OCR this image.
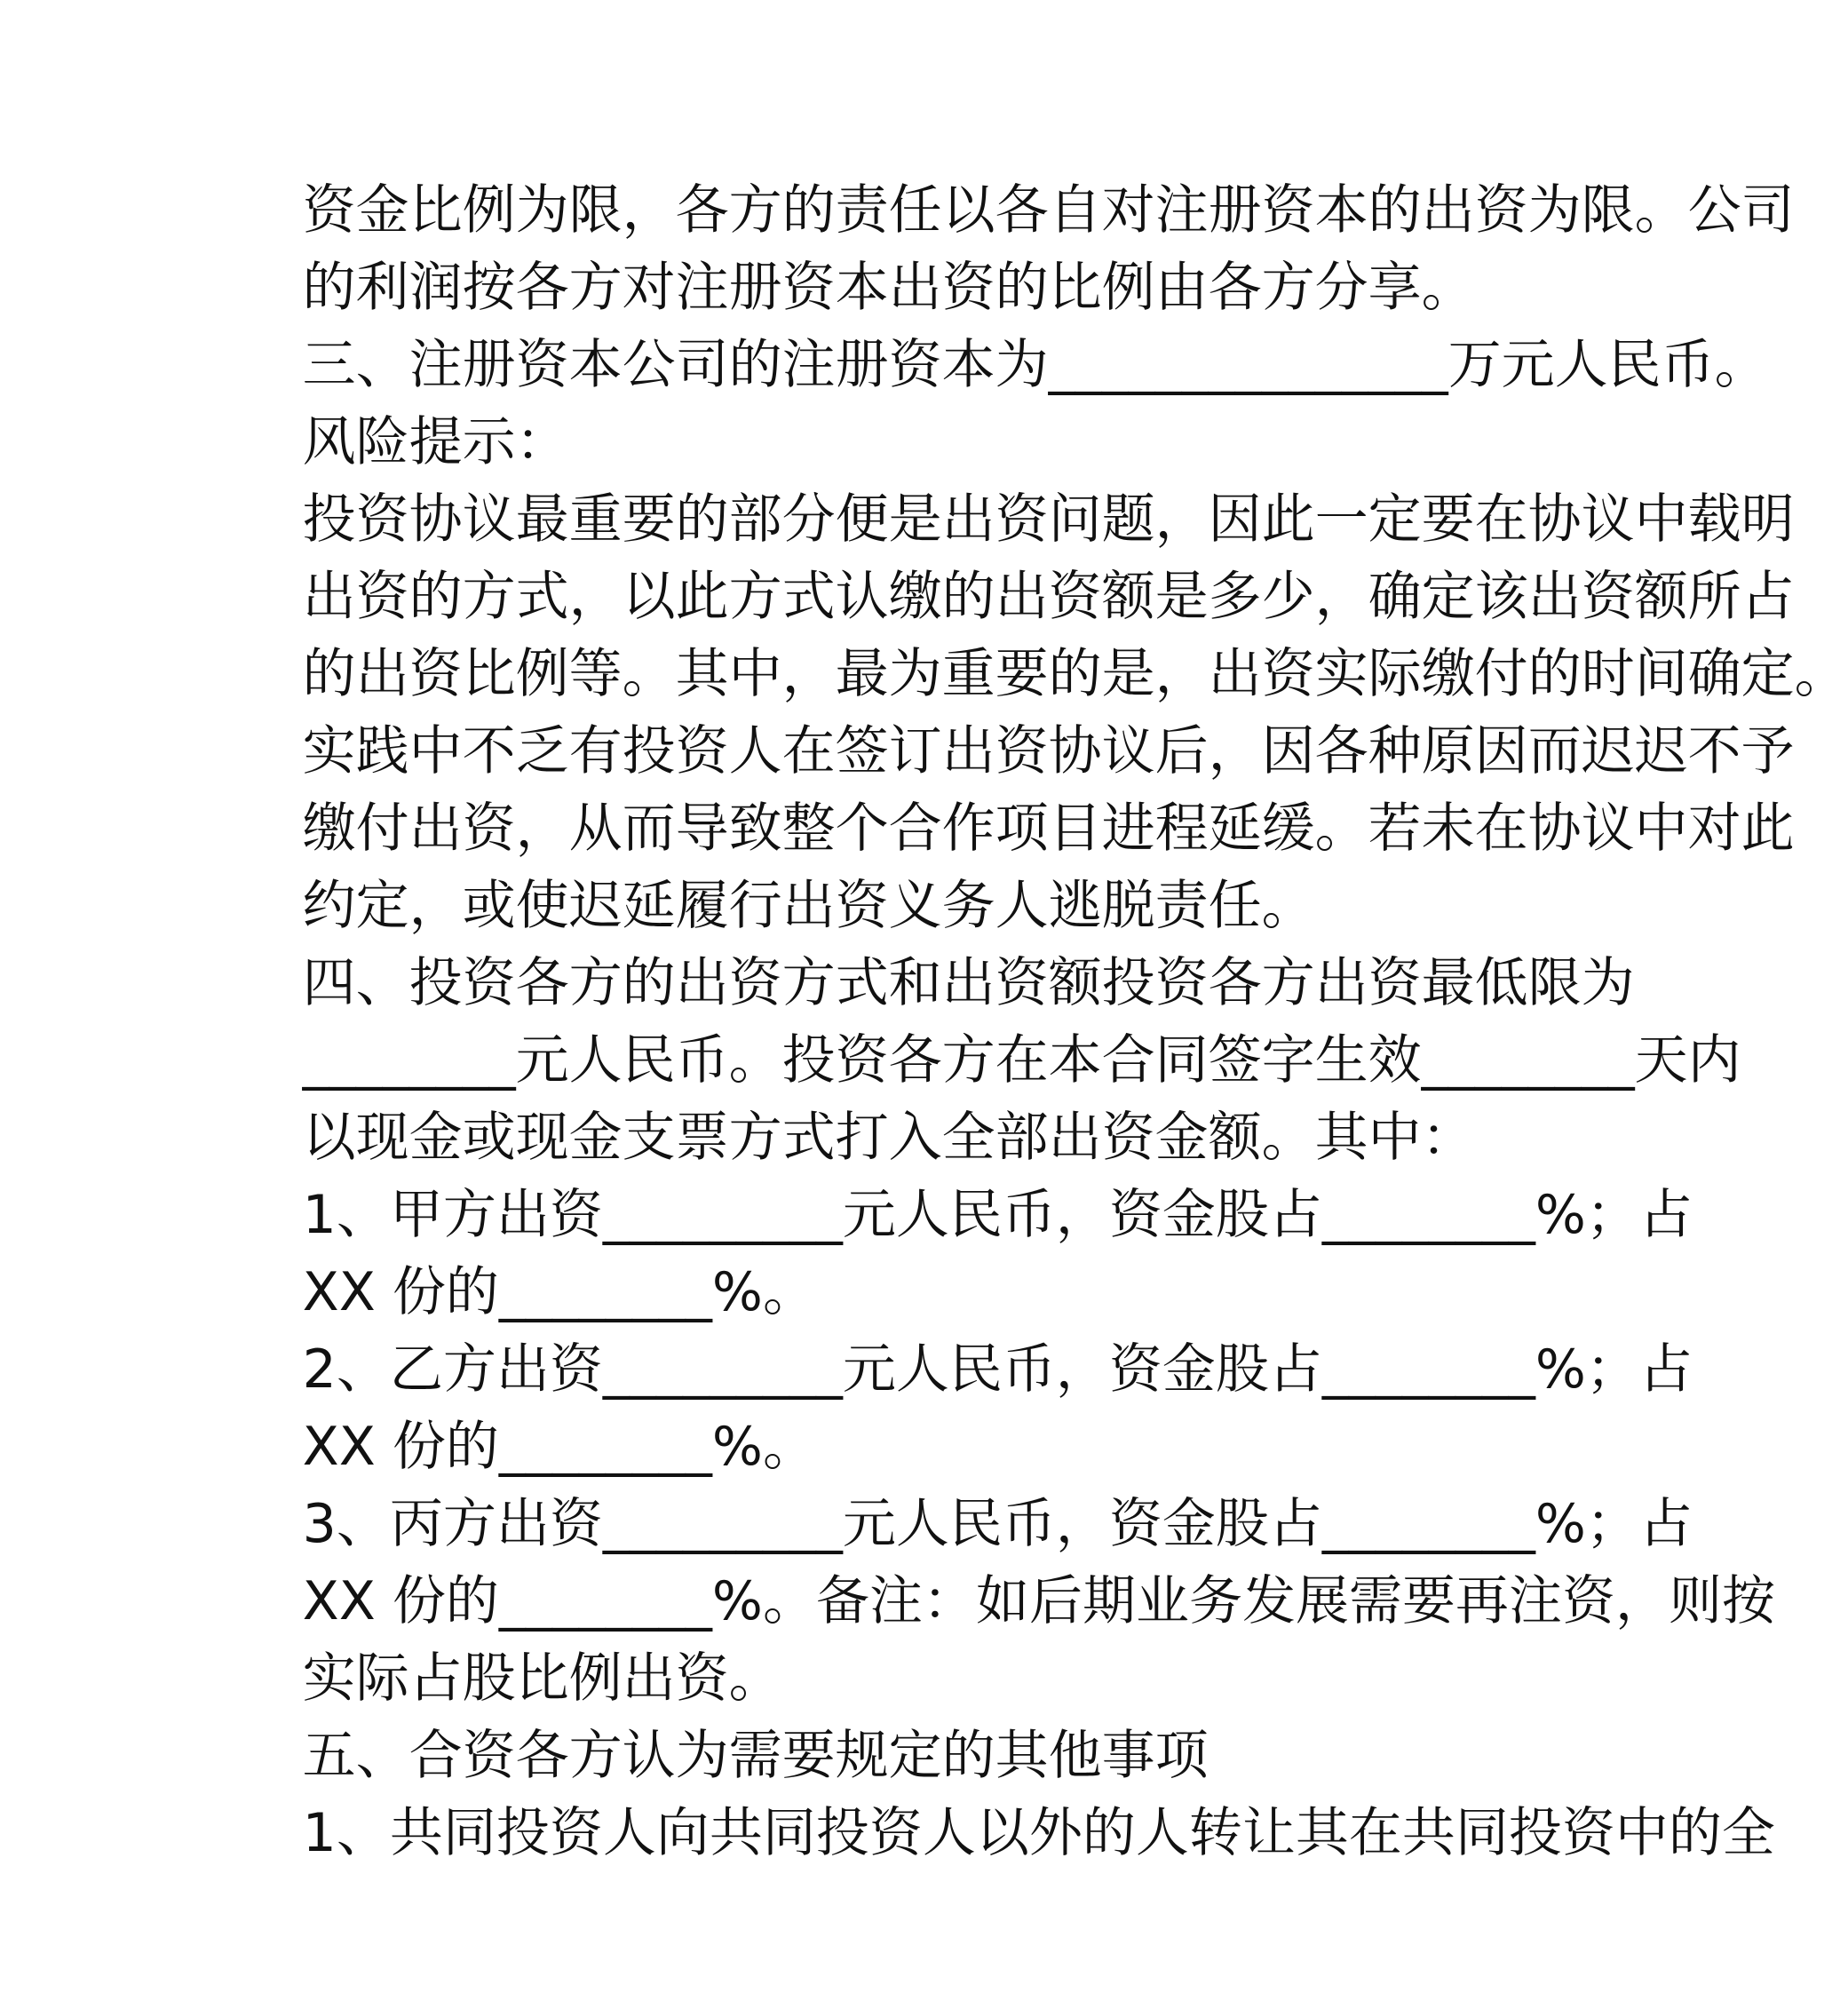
资金比例为限，各方的责任以各自对注册资本的出资为限。公司
的利润按各方对注册资本出资的比例由各方分享。
三、注册资本公司的注册资本为_______________万元人民币。
风险提示：
投资协议最重要的部分便是出资问题，因此一定要在协议中载明
出资的方式，以此方式认缴的出资额是多少，确定该出资额所占
的出资比例等。其中，最为重要的是，出资实际缴付的时间确定。
实践中不乏有投资人在签订出资协议后，因各种原因而迟迟不予
缴付出资，从而导致整个合作项目进程延缓。若未在协议中对此
约定，或使迟延履行出资义务人逃脱责任。
四、投资各方的出资方式和出资额投资各方出资最低限为
________元人民币。投资各方在本合同签字生效________天内
以现金或现金支票方式打入全部出资金额。其中：
1、甲方出资_________元人民币，资金股占________%；占
XX 份的________%。
2、乙方出资_________元人民币，资金股占________%；占
XX 份的________%。
3、丙方出资_________元人民币，资金股占________%；占
XX 份的________%。备注：如后期业务发展需要再注资，则按
实际占股比例出资。
五、合资各方认为需要规定的其他事项
1、共同投资人向共同投资人以外的人转让其在共同投资中的全
